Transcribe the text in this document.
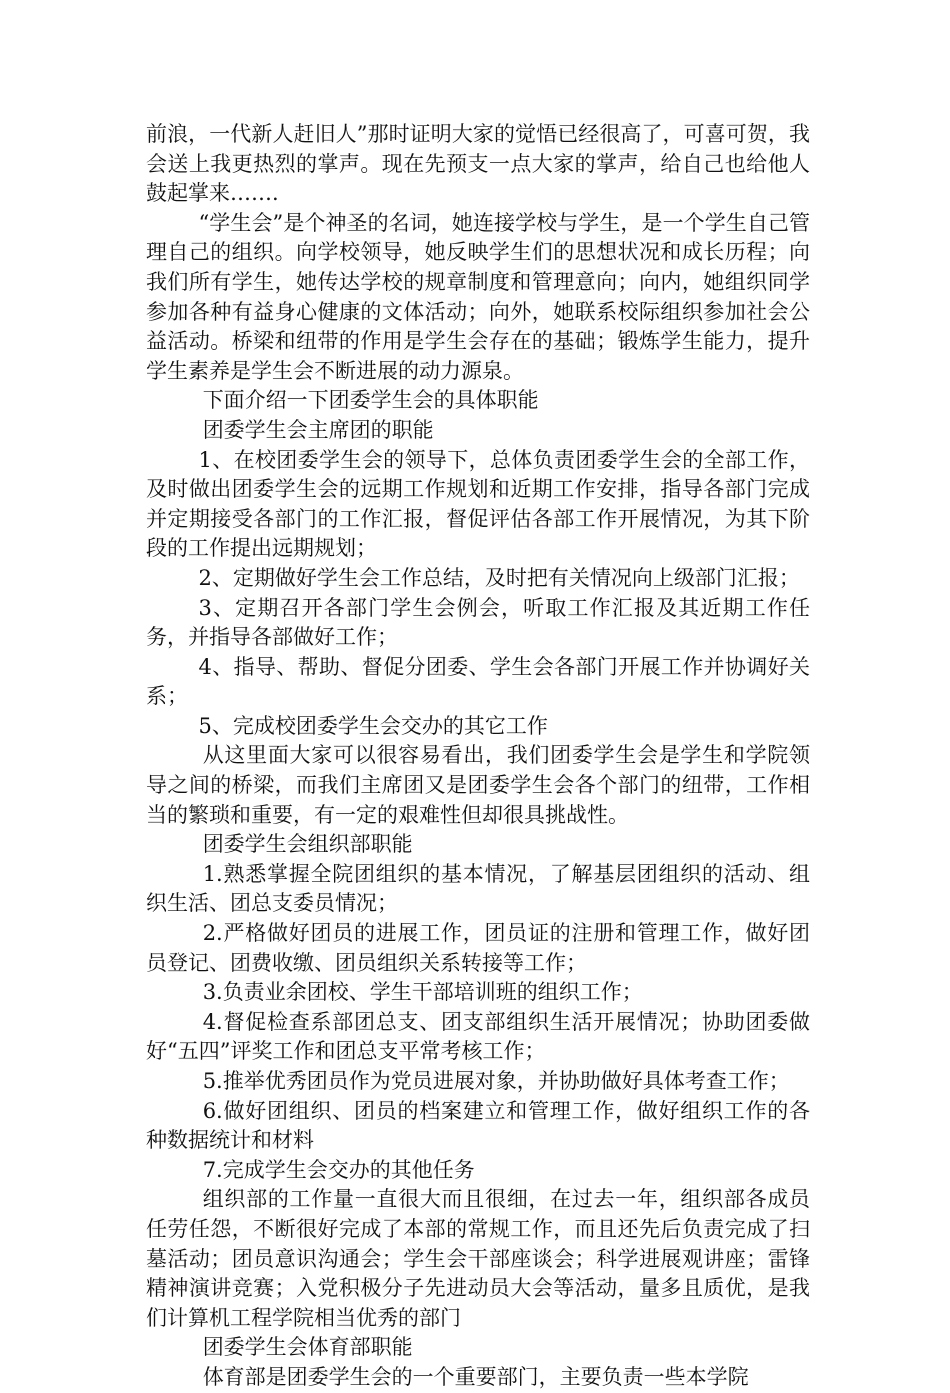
前浪，一代新人赶旧人”那时证明大家的觉悟已经很高了，可喜可贺，我会送上我更热烈的掌声。现在先预支一点大家的掌声，给自己也给他人鼓起掌来…….

“学生会”是个神圣的名词，她连接学校与学生，是一个学生自己管理自己的组织。向学校领导，她反映学生们的思想状况和成长历程；向我们所有学生，她传达学校的规章制度和管理意向；向内，她组织同学参加各种有益身心健康的文体活动；向外，她联系校际组织参加社会公益活动。桥梁和纽带的作用是学生会存在的基础；锻炼学生能力，提升学生素养是学生会不断进展的动力源泉。

下面介绍一下团委学生会的具体职能

团委学生会主席团的职能

1、在校团委学生会的领导下，总体负责团委学生会的全部工作，及时做出团委学生会的远期工作规划和近期工作安排，指导各部门完成并定期接受各部门的工作汇报，督促评估各部工作开展情况，为其下阶段的工作提出远期规划；

2、定期做好学生会工作总结，及时把有关情况向上级部门汇报；

3、定期召开各部门学生会例会，听取工作汇报及其近期工作任务，并指导各部做好工作；

4、指导、帮助、督促分团委、学生会各部门开展工作并协调好关系；

5、完成校团委学生会交办的其它工作

从这里面大家可以很容易看出，我们团委学生会是学生和学院领导之间的桥梁，而我们主席团又是团委学生会各个部门的纽带，工作相当的繁琐和重要，有一定的艰难性但却很具挑战性。

团委学生会组织部职能

1.熟悉掌握全院团组织的基本情况，了解基层团组织的活动、组织生活、团总支委员情况；

2.严格做好团员的进展工作，团员证的注册和管理工作，做好团员登记、团费收缴、团员组织关系转接等工作；

3.负责业余团校、学生干部培训班的组织工作；

4.督促检查系部团总支、团支部组织生活开展情况；协助团委做好“五四”评奖工作和团总支平常考核工作；

5.推举优秀团员作为党员进展对象，并协助做好具体考查工作；

6.做好团组织、团员的档案建立和管理工作，做好组织工作的各种数据统计和材料

7.完成学生会交办的其他任务

组织部的工作量一直很大而且很细，在过去一年，组织部各成员任劳任怨，不断很好完成了本部的常规工作，而且还先后负责完成了扫墓活动；团员意识沟通会；学生会干部座谈会；科学进展观讲座；雷锋精神演讲竞赛；入党积极分子先进动员大会等活动，量多且质优，是我们计算机工程学院相当优秀的部门

团委学生会体育部职能

体育部是团委学生会的一个重要部门，主要负责一些本学院
